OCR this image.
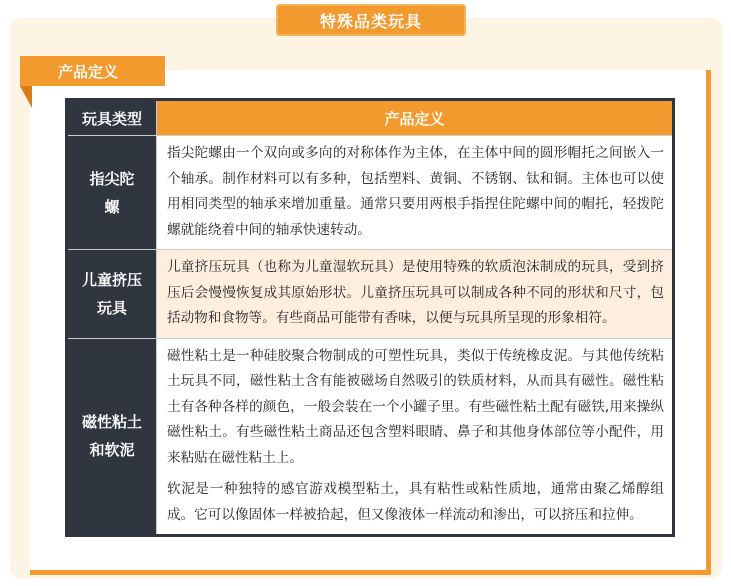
特殊品类玩具
产品定义
玩具类型	产品定义
指尖陀螺	指尖陀螺由一个双向或多向的对称体作为主体，在主体中间的圆形帽托之间嵌入一个轴承。制作材料可以有多种，包括塑料、黄铜、不锈钢、钛和铜。主体也可以使用相同类型的轴承来增加重量。通常只要用两根手指捏住陀螺中间的帽托，轻拨陀螺就能绕着中间的轴承快速转动。

儿童挤压玩具	儿童挤压玩具（也称为儿童湿软玩具）是使用特殊的软质泡沫制成的玩具，受到挤压后会慢慢恢复成其原始形状。儿童挤压玩具可以制成各种不同的形状和尺寸，包括动物和食物等。有些商品可能带有香味，以便与玩具所呈现的形象相符。

磁性粘土和软泥	磁性粘土是一种硅胶聚合物制成的可塑性玩具，类似于传统橡皮泥。与其他传统粘土玩具不同，磁性粘土含有能被磁场自然吸引的铁质材料，从而具有磁性。磁性粘土有各种各样的颜色，一般会装在一个小罐子里。有些磁性粘土配有磁铁,用来操纵磁性粘土。有些磁性粘土商品还包含塑料眼睛、鼻子和其他身体部位等小配件，用来粘贴在磁性粘土上。

软泥是一种独特的感官游戏模型粘土，具有粘性或粘性质地，通常由聚乙烯醇组成。它可以像固体一样被拾起，但又像液体一样流动和渗出，可以挤压和拉伸。
